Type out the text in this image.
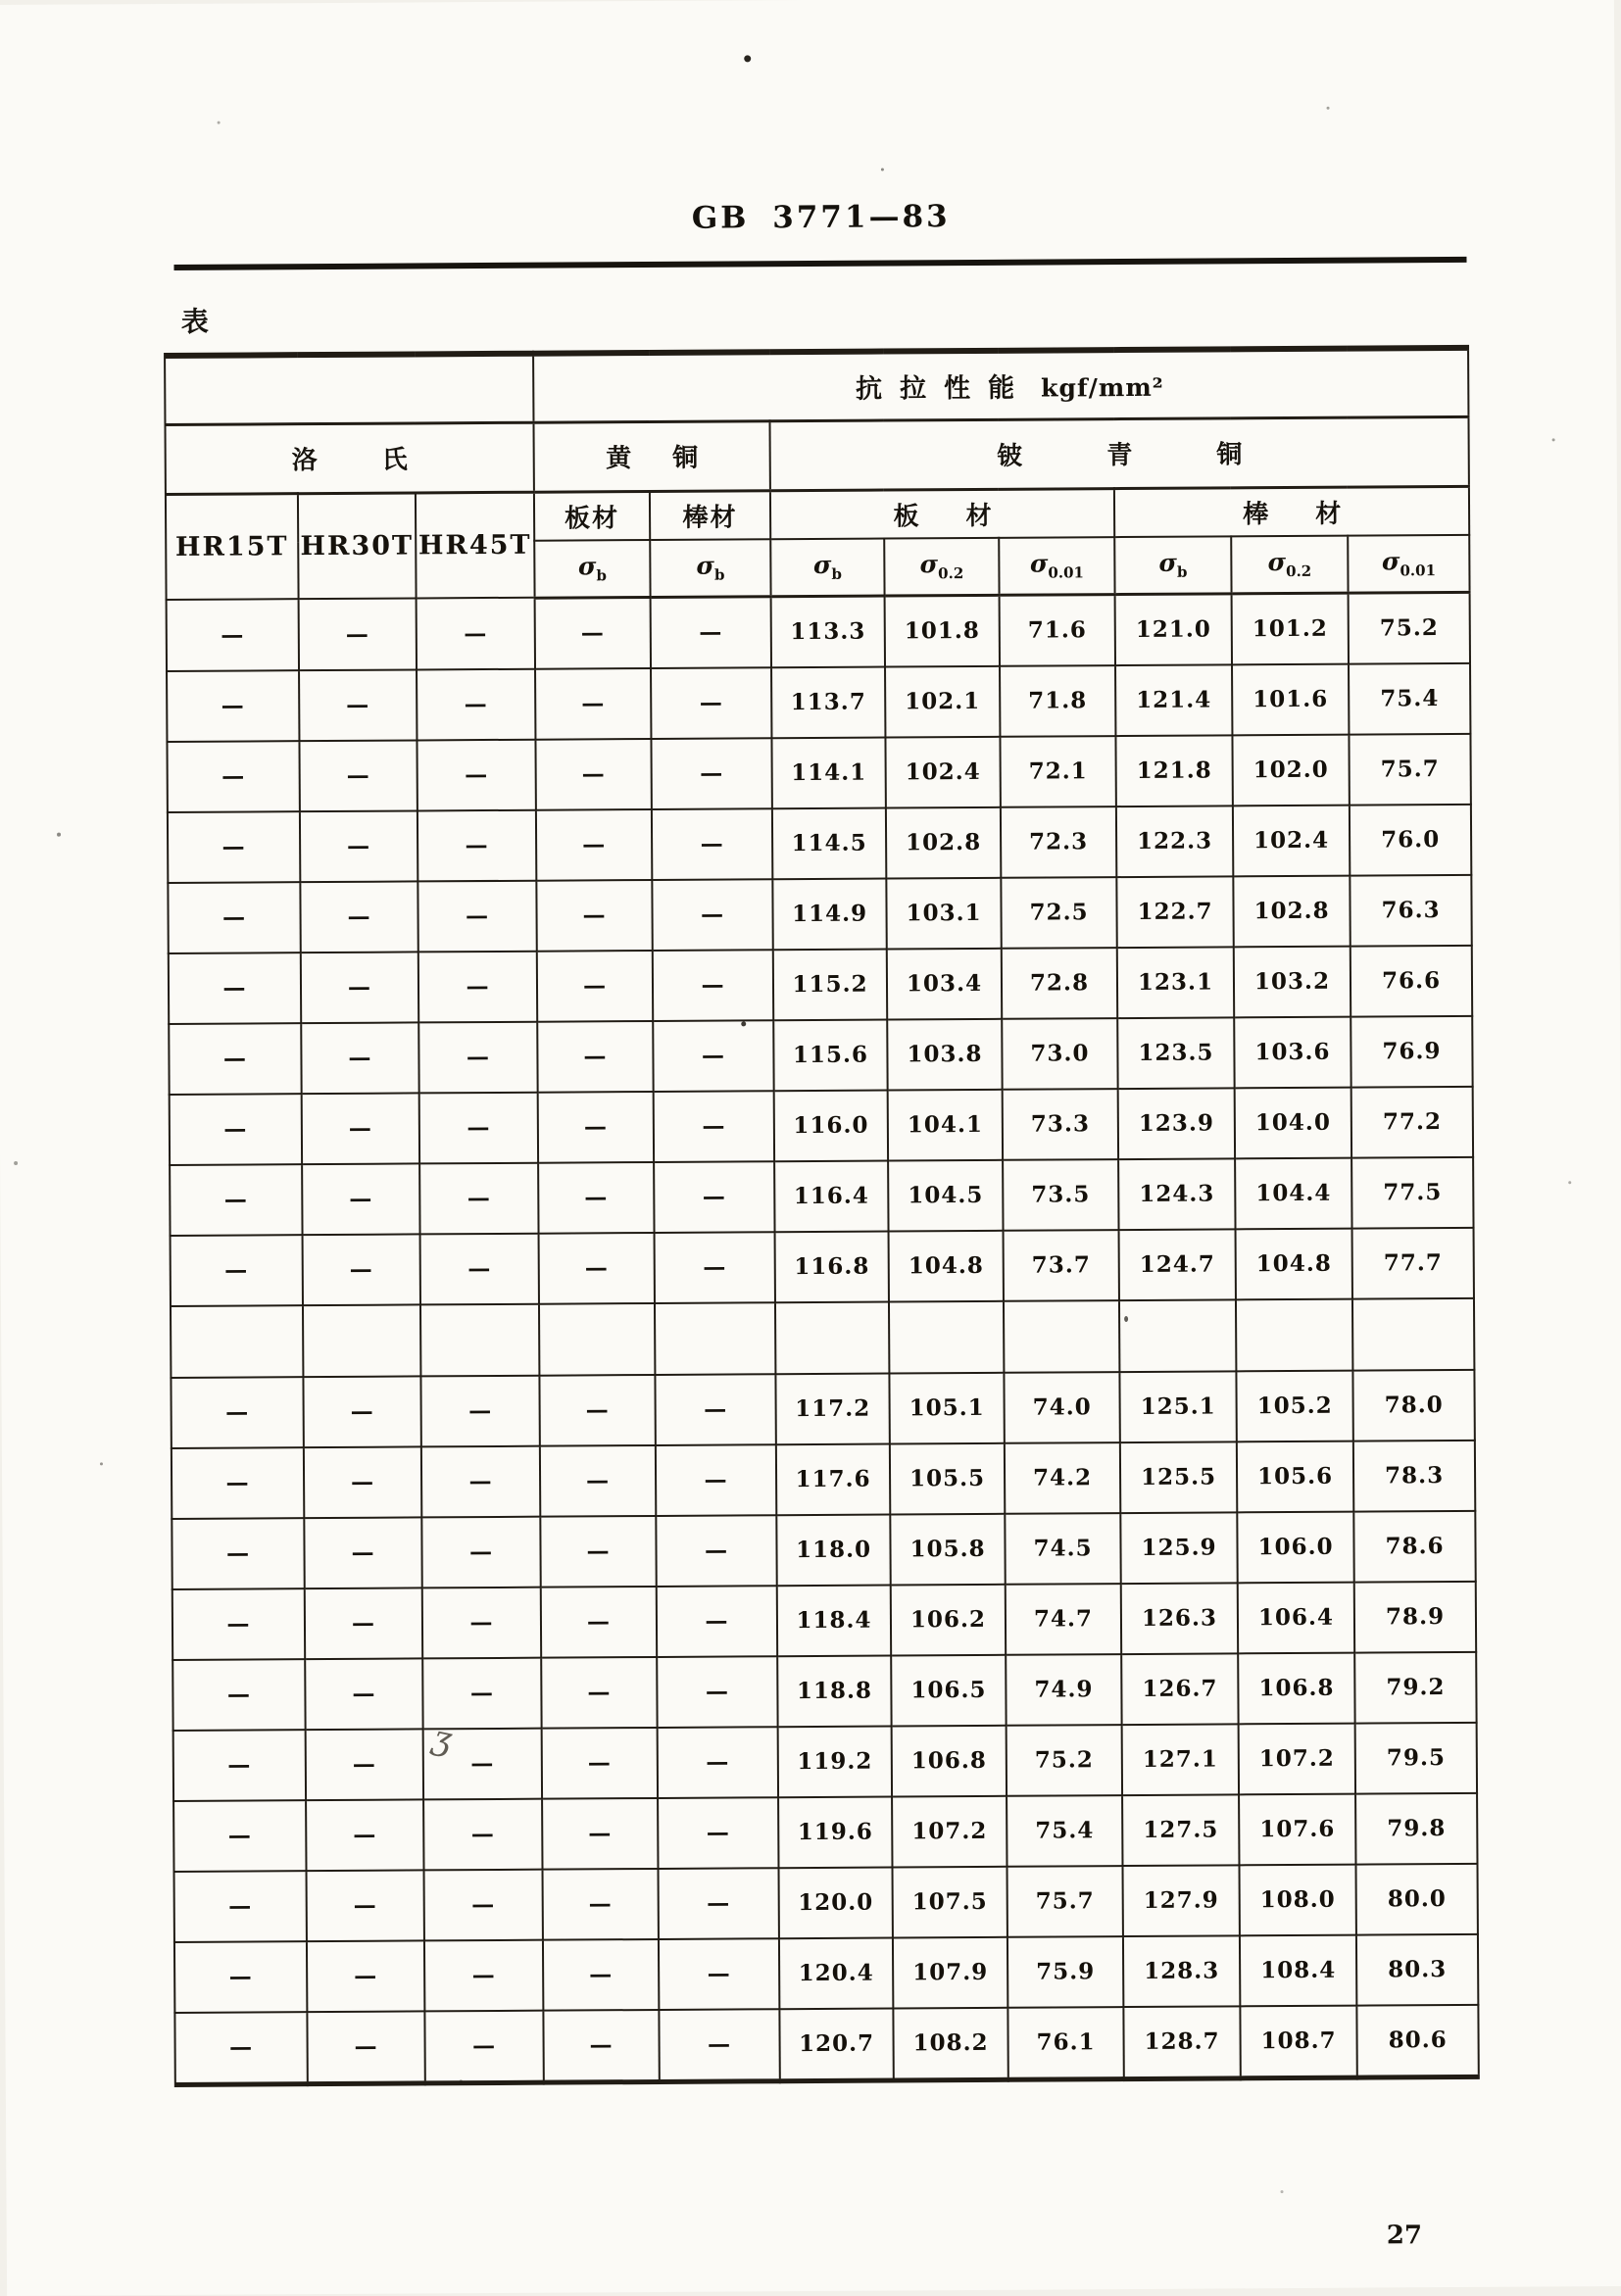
GB 3771—83
表
			抗拉性能 kgf/mm²							
洛氏			黄铜		铍青铜					
HR15T	HR30T	HR45T	板材	棒材	板材			棒材		
			$\sigma_b$	$\sigma_b$	$\sigma_b$	$\sigma_{0.2}$	$\sigma_{0.01}$	$\sigma_b$	$\sigma_{0.2}$	$\sigma_{0.01}$
—	—	—	—	—	113.3	101.8	71.6	121.0	101.2	75.2
—	—	—	—	—	113.7	102.1	71.8	121.4	101.6	75.4
—	—	—	—	—	114.1	102.4	72.1	121.8	102.0	75.7
—	—	—	—	—	114.5	102.8	72.3	122.3	102.4	76.0
—	—	—	—	—	114.9	103.1	72.5	122.7	102.8	76.3
—	—	—	—	—	115.2	103.4	72.8	123.1	103.2	76.6
—	—	—	—	—	115.6	103.8	73.0	123.5	103.6	76.9
—	—	—	—	—	116.0	104.1	73.3	123.9	104.0	77.2
—	—	—	—	—	116.4	104.5	73.5	124.3	104.4	77.5
—	—	—	—	—	116.8	104.8	73.7	124.7	104.8	77.7

—	—	—	—	—	117.2	105.1	74.0	125.1	105.2	78.0
—	—	—	—	—	117.6	105.5	74.2	125.5	105.6	78.3
—	—	—	—	—	118.0	105.8	74.5	125.9	106.0	78.6
—	—	—	—	—	118.4	106.2	74.7	126.3	106.4	78.9
—	—	—	—	—	118.8	106.5	74.9	126.7	106.8	79.2
—	—	—	—	—	119.2	106.8	75.2	127.1	107.2	79.5
—	—	—	—	—	119.6	107.2	75.4	127.5	107.6	79.8
—	—	—	—	—	120.0	107.5	75.7	127.9	108.0	80.0
—	—	—	—	—	120.4	107.9	75.9	128.3	108.4	80.3
—	—	—	—	—	120.7	108.2	76.1	128.7	108.7	80.6
ʒ
27
